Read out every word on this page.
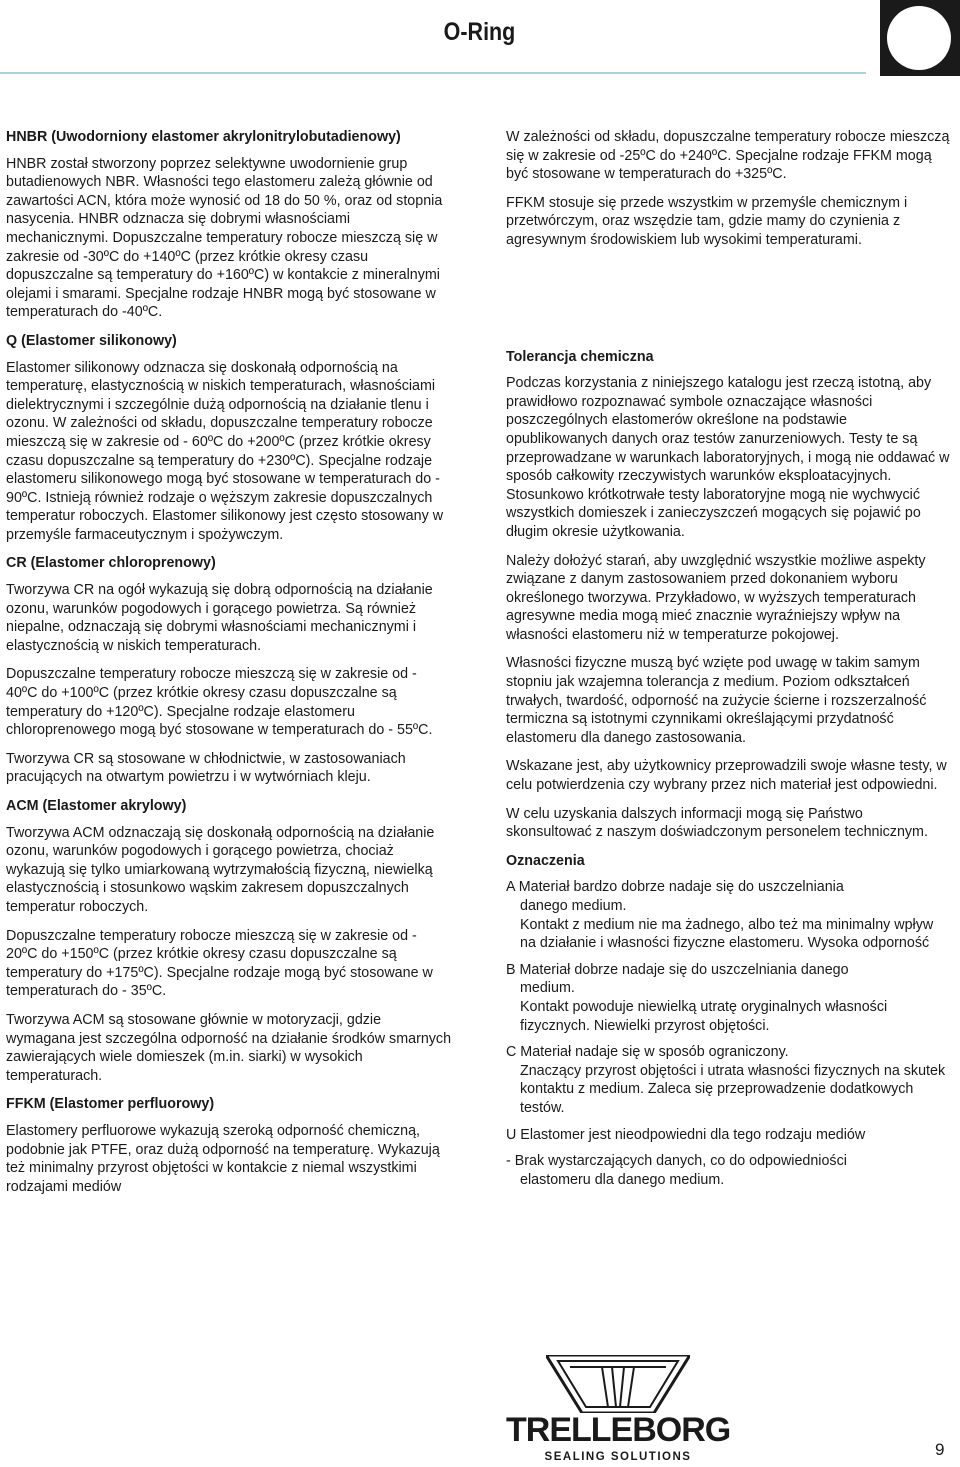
O-Ring
HNBR (Uwodorniony elastomer akrylonitrylobutadienowy)
HNBR został stworzony poprzez selektywne uwodornienie grup butadienowych NBR. Własności tego elastomeru zależą głównie od zawartości ACN, która może wynosić od 18 do 50 %, oraz od stopnia nasycenia. HNBR odznacza się dobrymi własnościami mechanicznymi. Dopuszczalne temperatury robocze mieszczą się w zakresie od -30ºC do +140ºC (przez krótkie okresy czasu dopuszczalne są temperatury do +160ºC) w kontakcie z mineralnymi olejami i smarami. Specjalne rodzaje HNBR mogą być stosowane w temperaturach do -40ºC.
Q (Elastomer silikonowy)
Elastomer silikonowy odznacza się doskonałą odpornością na temperaturę, elastycznością w niskich temperaturach, własnościami dielektrycznymi i szczególnie dużą odpornością na działanie tlenu i ozonu. W zależności od składu, dopuszczalne temperatury robocze mieszczą się w zakresie od - 60ºC do +200ºC (przez krótkie okresy czasu dopuszczalne są temperatury do +230ºC). Specjalne rodzaje elastomeru silikonowego mogą być stosowane w temperaturach do - 90ºC. Istnieją również rodzaje o węższym zakresie dopuszczalnych temperatur roboczych. Elastomer silikonowy jest często stosowany w przemyśle farmaceutycznym i spożywczym.
CR (Elastomer chloroprenowy)
Tworzywa CR na ogół wykazują się dobrą odpornością na działanie ozonu, warunków pogodowych i gorącego powietrza. Są również niepalne, odznaczają się dobrymi własnościami mechanicznymi i elastycznością w niskich temperaturach.
Dopuszczalne temperatury robocze mieszczą się w zakresie od - 40ºC do +100ºC (przez krótkie okresy czasu dopuszczalne są temperatury do +120ºC). Specjalne rodzaje elastomeru chloroprenowego mogą być stosowane w temperaturach do - 55ºC.
Tworzywa CR są stosowane w chłodnictwie, w zastosowaniach pracujących na otwartym powietrzu i w wytwórniach kleju.
ACM (Elastomer akrylowy)
Tworzywa ACM odznaczają się doskonałą odpornością na działanie ozonu, warunków pogodowych i gorącego powietrza, chociaż wykazują się tylko umiarkowaną wytrzymałością fizyczną, niewielką elastycznością i stosunkowo wąskim zakresem dopuszczalnych temperatur roboczych.
Dopuszczalne temperatury robocze mieszczą się w zakresie od - 20ºC do +150ºC (przez krótkie okresy czasu dopuszczalne są temperatury do +175ºC). Specjalne rodzaje mogą być stosowane w temperaturach do - 35ºC.
Tworzywa ACM są stosowane głównie w motoryzacji, gdzie wymagana jest szczególna odporność na działanie środków smarnych zawierających wiele domieszek (m.in. siarki) w wysokich temperaturach.
FFKM (Elastomer perfluorowy)
Elastomery perfluorowe wykazują szeroką odporność chemiczną, podobnie jak PTFE, oraz dużą odporność na temperaturę. Wykazują też minimalny przyrost objętości w kontakcie z niemal wszystkimi rodzajami mediów
W zależności od składu, dopuszczalne temperatury robocze mieszczą się w zakresie od -25ºC do +240ºC. Specjalne rodzaje FFKM mogą być stosowane w temperaturach do +325ºC.
FFKM stosuje się przede wszystkim w przemyśle chemicznym i przetwórczym, oraz wszędzie tam, gdzie mamy do czynienia z agresywnym środowiskiem lub wysokimi temperaturami.
Tolerancja chemiczna
Podczas korzystania z niniejszego katalogu jest rzeczą istotną, aby prawidłowo rozpoznawać symbole oznaczające własności poszczególnych elastomerów określone na podstawie opublikowanych danych oraz testów zanurzeniowych. Testy te są przeprowadzane w warunkach laboratoryjnych, i mogą nie oddawać w sposób całkowity rzeczywistych warunków eksploatacyjnych. Stosunkowo krótkotrwałe testy laboratoryjne mogą nie wychwycić wszystkich domieszek i zanieczyszczeń mogących się pojawić po długim okresie użytkowania.
Należy dołożyć starań, aby uwzględnić wszystkie możliwe aspekty związane z danym zastosowaniem przed dokonaniem wyboru określonego tworzywa. Przykładowo, w wyższych temperaturach agresywne media mogą mieć znacznie wyraźniejszy wpływ na własności elastomeru niż w temperaturze pokojowej.
Własności fizyczne muszą być wzięte pod uwagę w takim samym stopniu jak wzajemna tolerancja z medium. Poziom odkształceń trwałych, twardość, odporność na zużycie ścierne i rozszerzalność termiczna są istotnymi czynnikami określającymi przydatność elastomeru dla danego zastosowania.
Wskazane jest, aby użytkownicy przeprowadzili swoje własne testy, w celu potwierdzenia czy wybrany przez nich materiał jest odpowiedni.
W celu uzyskania dalszych informacji mogą się Państwo skonsultować z naszym doświadczonym personelem technicznym.
Oznaczenia
A Materiał bardzo dobrze nadaje się do uszczelniania
danego medium.
Kontakt z medium nie ma żadnego, albo też ma minimalny wpływ na działanie i własności fizyczne elastomeru. Wysoka odporność
B Materiał dobrze nadaje się do uszczelniania danego
medium.
Kontakt powoduje niewielką utratę oryginalnych własności fizycznych. Niewielki przyrost objętości.
C Materiał nadaje się w sposób ograniczony.
Znaczący przyrost objętości i utrata własności fizycznych na skutek kontaktu z medium. Zaleca się przeprowadzenie dodatkowych testów.
U Elastomer jest nieodpowiedni dla tego rodzaju mediów
- Brak wystarczających danych, co do odpowiedniości
elastomeru dla danego medium.
TRELLEBORG
SEALING SOLUTIONS	9
